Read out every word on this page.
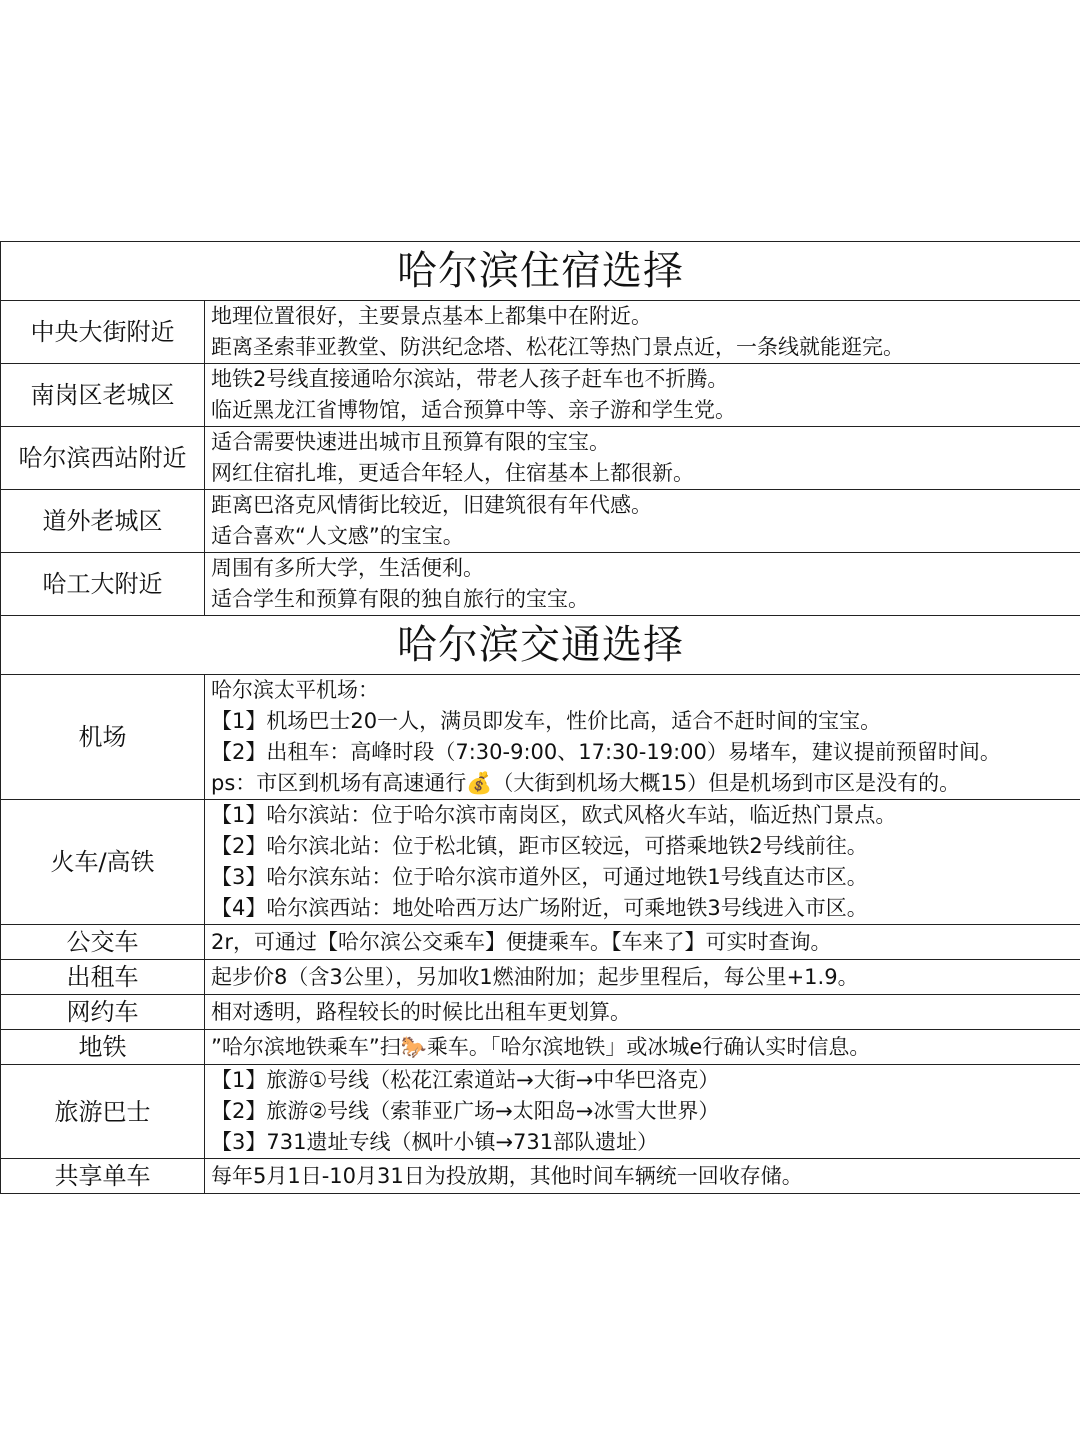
哈尔滨住宿选择	
中央大街附近	地理位置很好，主要景点基本上都集中在附近。
距离圣索菲亚教堂、防洪纪念塔、松花江等热门景点近，一条线就能逛完。

南岗区老城区	地铁2号线直接通哈尔滨站，带老人孩子赶车也不折腾。
临近黑龙江省博物馆，适合预算中等、亲子游和学生党。

哈尔滨西站附近	适合需要快速进出城市且预算有限的宝宝。
网红住宿扎堆，更适合年轻人，住宿基本上都很新。

道外老城区	距离巴洛克风情街比较近，旧建筑很有年代感。
适合喜欢“人文感”的宝宝。

哈工大附近	周围有多所大学，生活便利。
适合学生和预算有限的独自旅行的宝宝。

哈尔滨交通选择	
机场	哈尔滨太平机场：
【1】机场巴士20一人，满员即发车，性价比高，适合不赶时间的宝宝。
【2】出租车：高峰时段（7:30-9:00、17:30-19:00）易堵车，建议提前预留时间。
ps：市区到机场有高速通行💰（大街到机场大概15）但是机场到市区是没有的。

火车/高铁	【1】哈尔滨站：位于哈尔滨市南岗区，欧式风格火车站，临近热门景点。
【2】哈尔滨北站：位于松北镇，距市区较远，可搭乘地铁2号线前往。
【3】哈尔滨东站：位于哈尔滨市道外区，可通过地铁1号线直达市区。
【4】哈尔滨西站：地处哈西万达广场附近，可乘地铁3号线进入市区。

公交车	2r，可通过【哈尔滨公交乘车】便捷乘车。【车来了】可实时查询。

出租车	起步价8（含3公里），另加收1燃油附加；起步里程后，每公里+1.9。

网约车	相对透明，路程较长的时候比出租车更划算。

地铁	”哈尔滨地铁乘车”扫🐎乘车。「哈尔滨地铁」或冰城e行确认实时信息。

旅游巴士	【1】旅游①号线（松花江索道站→大街→中华巴洛克）
【2】旅游②号线（索菲亚广场→太阳岛→冰雪大世界）
【3】731遗址专线（枫叶小镇→731部队遗址）

共享单车	每年5月1日-10月31日为投放期，其他时间车辆统一回收存储。
